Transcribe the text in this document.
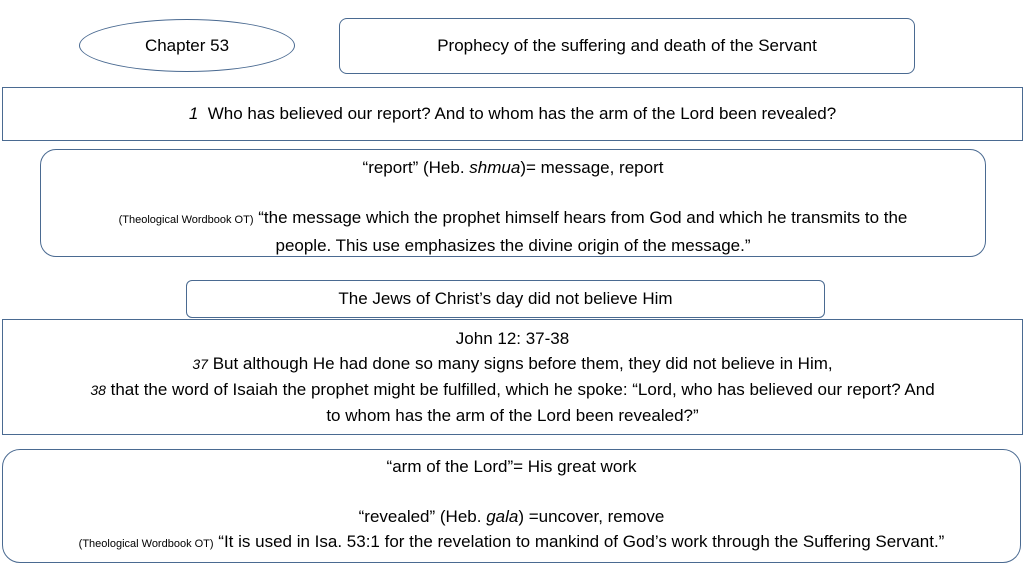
Chapter 53	Prophecy of the suffering and death of the Servant
1 Who has believed our report? And to whom has the arm of the Lord been revealed?
“report” (Heb. shmua)= message, report
(Theological Wordbook OT) “the message which the prophet himself hears from God and which he transmits to the
people. This use emphasizes the divine origin of the message.”
The Jews of Christ’s day did not believe Him
John 12: 37-38
37 But although He had done so many signs before them, they did not believe in Him,
38 that the word of Isaiah the prophet might be fulfilled, which he spoke: “Lord, who has believed our report? And
to whom has the arm of the Lord been revealed?”
“arm of the Lord”= His great work
“revealed” (Heb. gala) =uncover, remove
(Theological Wordbook OT) “It is used in Isa. 53:1 for the revelation to mankind of God’s work through the Suffering Servant.”
